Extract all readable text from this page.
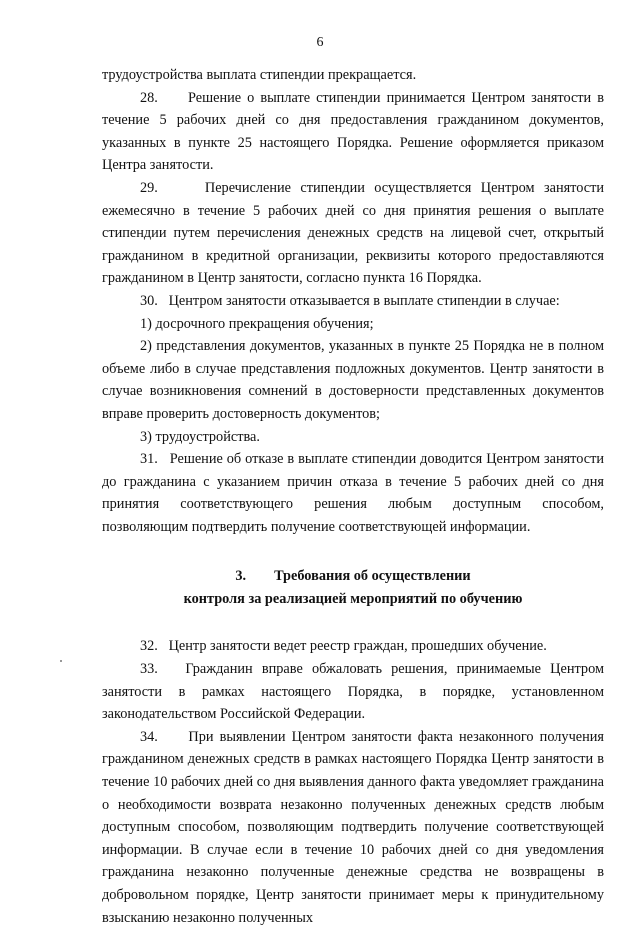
6

трудоустройства выплата стипендии прекращается.

28.     Решение о выплате стипендии принимается Центром занятости в течение 5 рабочих дней со дня предоставления гражданином документов, указанных в пункте 25 настоящего Порядка. Решение оформляется приказом Центра занятости.

29.     Перечисление стипендии осуществляется Центром занятости ежемесячно в течение 5 рабочих дней со дня принятия решения о выплате стипендии путем перечисления денежных средств на лицевой счет, открытый гражданином в кредитной организации, реквизиты которого предоставляются гражданином в Центр занятости, согласно пункта 16 Порядка.

30.   Центром занятости отказывается в выплате стипендии в случае:

1) досрочного прекращения обучения;

2) представления документов, указанных в пункте 25 Порядка не в полном объеме либо в случае представления подложных документов. Центр занятости в случае возникновения сомнений в достоверности представленных документов вправе проверить достоверность документов;

3) трудоустройства.

31.   Решение об отказе в выплате стипендии доводится Центром занятости до гражданина с указанием причин отказа в течение 5 рабочих дней со дня принятия соответствующего решения любым доступным способом, позволяющим подтвердить получение соответствующей информации.

3. Требования об осуществлении
контроля за реализацией мероприятий по обучению

32.   Центр занятости ведет реестр граждан, прошедших обучение.

33.   Гражданин вправе обжаловать решения, принимаемые Центром занятости в рамках настоящего Порядка, в порядке, установленном законодательством Российской Федерации.

34.     При выявлении Центром занятости факта незаконного получения гражданином денежных средств в рамках настоящего Порядка Центр занятости в течение 10 рабочих дней со дня выявления данного факта уведомляет гражданина о необходимости возврата незаконно полученных денежных средств любым доступным способом, позволяющим подтвердить получение соответствующей информации. В случае если в течение 10 рабочих дней со дня уведомления гражданина незаконно полученные денежные средства не возвращены в добровольном порядке, Центр занятости принимает меры к принудительному взысканию незаконно полученных
